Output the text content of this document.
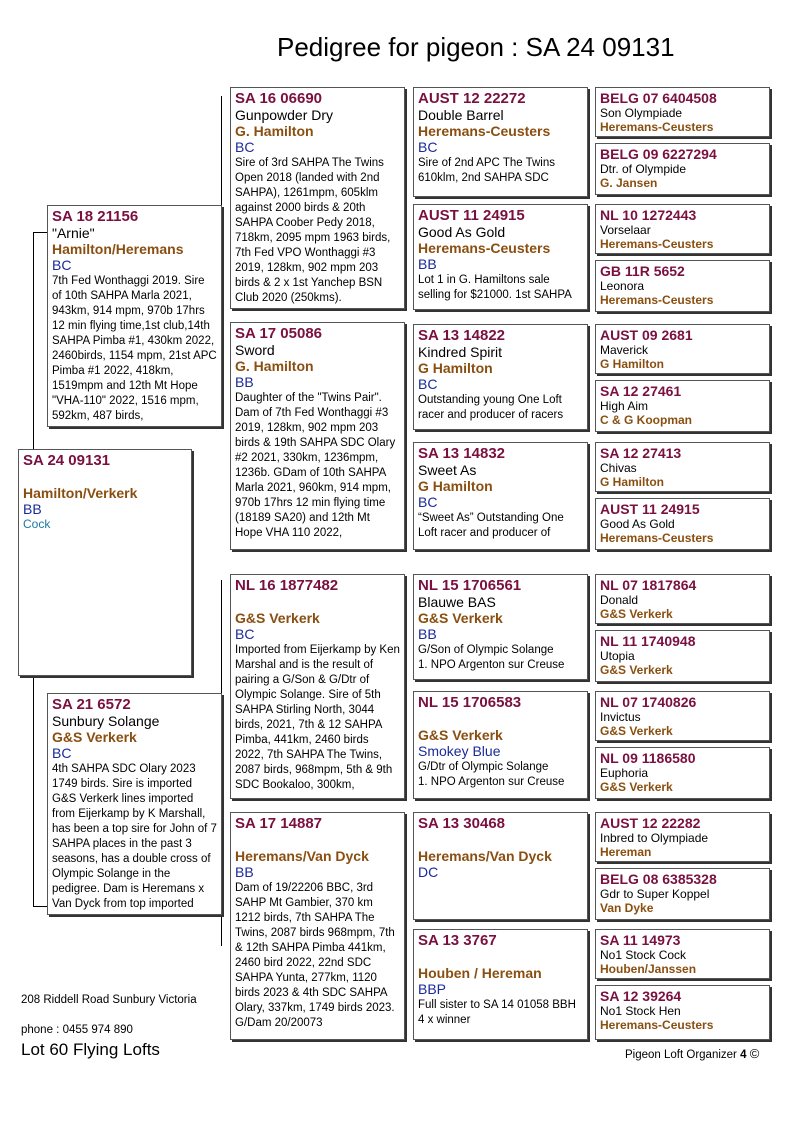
Pedigree for pigeon : SA 24 09131
SA 24 09131
Hamilton/Verkerk
BB
Cock
SA 18 21156
"Arnie"
Hamilton/Heremans
BC
7th Fed Wonthaggi 2019. Sire of 10th SAHPA Marla 2021, 943km, 914 mpm, 970b 17hrs 12 min flying time,1st club,14th SAHPA Pimba #1, 430km 2022, 2460birds, 1154 mpm, 21st APC Pimba #1 2022, 418km, 1519mpm and 12th Mt Hope "VHA-110" 2022, 1516 mpm, 592km, 487 birds,
SA 21 6572
Sunbury Solange
G&S Verkerk
BC
4th SAHPA SDC Olary 2023 1749 birds. Sire is imported G&S Verkerk lines imported from Eijerkamp by K Marshall, has been a top sire for John of 7 SAHPA places in the past 3 seasons, has a double cross of Olympic Solange in the pedigree. Dam is Heremans x Van Dyck from top imported
SA 16 06690
Gunpowder Dry
G. Hamilton
BC
Sire of 3rd SAHPA The Twins Open 2018 (landed with 2nd SAHPA), 1261mpm, 605klm against 2000 birds & 20th SAHPA Coober Pedy 2018, 718km, 2095 mpm 1963 birds, 7th Fed VPO Wonthaggi #3 2019, 128km, 902 mpm 203 birds & 2 x 1st Yanchep BSN Club 2020 (250kms).
SA 17 05086
Sword
G. Hamilton
BB
Daughter of the "Twins Pair". Dam of 7th Fed Wonthaggi #3 2019, 128km, 902 mpm 203 birds & 19th SAHPA SDC Olary #2 2021, 330km, 1236mpm, 1236b. GDam of 10th SAHPA Marla 2021, 960km, 914 mpm, 970b 17hrs 12 min flying time (18189 SA20) and 12th Mt Hope VHA 110 2022,
NL 16 1877482
G&S Verkerk
BC
Imported from Eijerkamp by Ken Marshal and is the result of pairing a G/Son & G/Dtr of Olympic Solange. Sire of 5th SAHPA Stirling North, 3044 birds, 2021, 7th & 12 SAHPA Pimba, 441km, 2460 birds 2022, 7th SAHPA The Twins, 2087 birds, 968mpm, 5th & 9th SDC Bookaloo, 300km,
SA 17 14887
Heremans/Van Dyck
BB
Dam of 19/22206 BBC, 3rd SAHP Mt Gambier, 370 km 1212 birds, 7th SAHPA The Twins, 2087 birds 968mpm, 7th & 12th SAHPA Pimba 441km, 2460 bird 2022, 22nd SDC SAHPA Yunta, 277km, 1120 birds 2023 & 4th SDC SAHPA Olary, 337km, 1749 birds 2023. G/Dam 20/20073
AUST 12 22272
Double Barrel
Heremans-Ceusters
BC
Sire of 2nd APC The Twins 610klm, 2nd SAHPA SDC
AUST 11 24915
Good As Gold
Heremans-Ceusters
BB
Lot 1 in G. Hamiltons sale selling for $21000. 1st SAHPA
SA 13 14822
Kindred Spirit
G Hamilton
BC
Outstanding young One Loft racer and producer of racers
SA 13 14832
Sweet As
G Hamilton
BC
“Sweet As” Outstanding One Loft racer and producer of
NL 15 1706561
Blauwe BAS
G&S Verkerk
BB
G/Son of Olympic Solange
1. NPO Argenton sur Creuse
NL 15 1706583
G&S Verkerk
Smokey Blue
G/Dtr of Olympic Solange
1. NPO Argenton sur Creuse
SA 13 30468
Heremans/Van Dyck
DC
SA 13 3767
Houben / Hereman
BBP
Full sister to SA 14 01058 BBH 4 x winner
BELG 07 6404508
Son Olympiade
Heremans-Ceusters
BELG 09 6227294
Dtr. of Olympide
G. Jansen
NL 10 1272443
Vorselaar
Heremans-Ceusters
GB 11R 5652
Leonora
Heremans-Ceusters
AUST 09 2681
Maverick
G Hamilton
SA 12 27461
High Aim
C & G Koopman
SA 12 27413
Chivas
G Hamilton
AUST 11 24915
Good As Gold
Heremans-Ceusters
NL 07 1817864
Donald
G&S Verkerk
NL 11 1740948
Utopia
G&S Verkerk
NL 07 1740826
Invictus
G&S Verkerk
NL 09 1186580
Euphoria
G&S Verkerk
AUST 12 22282
Inbred to Olympiade
Hereman
BELG 08 6385328
Gdr to Super Koppel
Van Dyke
SA 11 14973
No1 Stock Cock
Houben/Janssen
SA 12 39264
No1 Stock Hen
Heremans-Ceusters
208 Riddell Road Sunbury Victoria
phone : 0455 974 890
Lot 60 Flying Lofts	Pigeon Loft Organizer 4 ©
